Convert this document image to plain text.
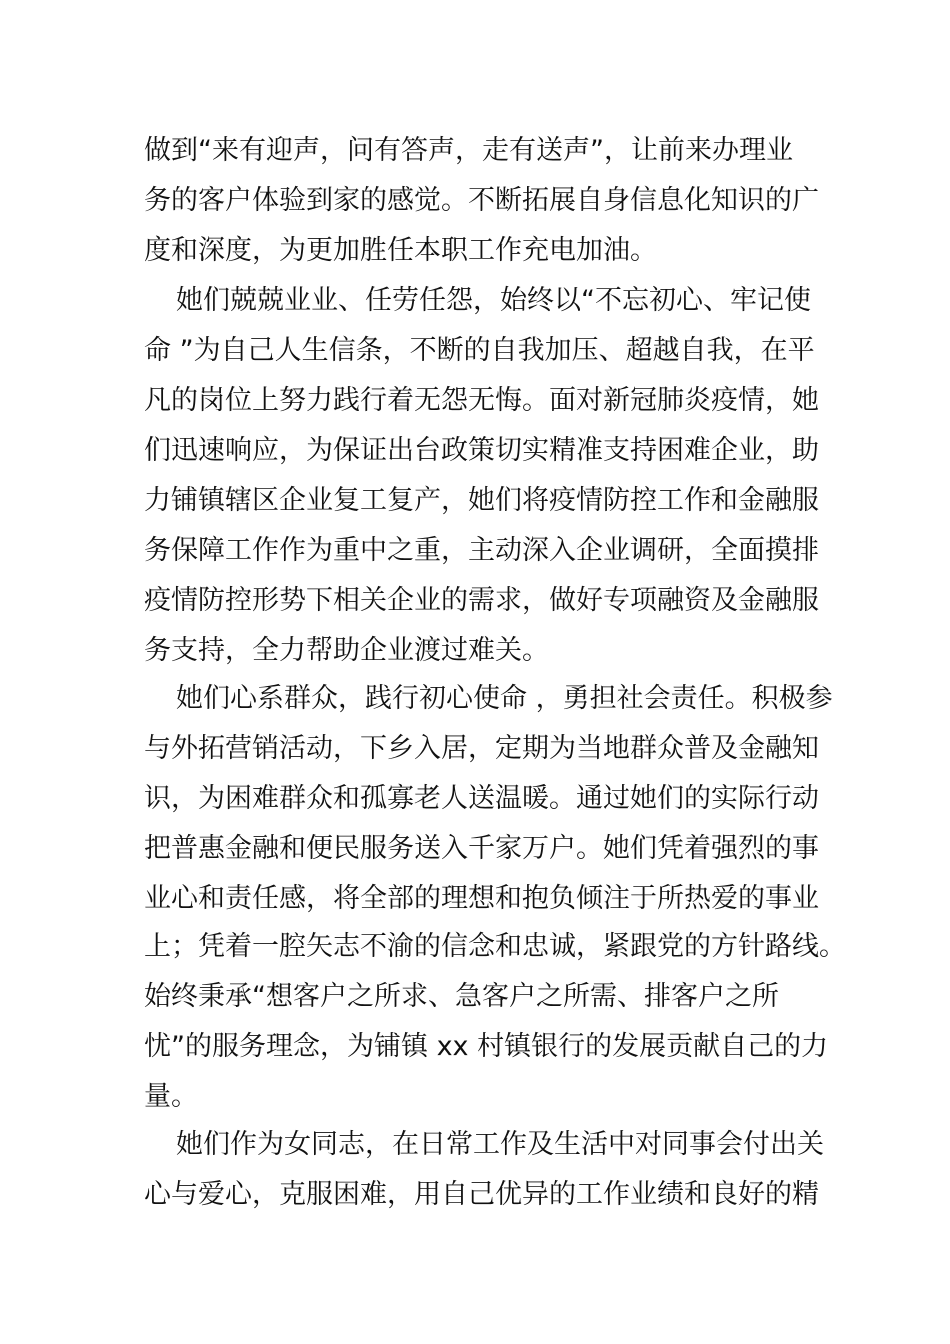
做到“来有迎声，问有答声，走有送声”，让前来办理业
务的客户体验到家的感觉。不断拓展自身信息化知识的广
度和深度，为更加胜任本职工作充电加油。
她们兢兢业业、任劳任怨，始终以“不忘初心、牢记使
命 ”为自己人生信条，不断的自我加压、超越自我，在平
凡的岗位上努力践行着无怨无悔。面对新冠肺炎疫情，她
们迅速响应，为保证出台政策切实精准支持困难企业，助
力铺镇辖区企业复工复产，她们将疫情防控工作和金融服
务保障工作作为重中之重，主动深入企业调研，全面摸排
疫情防控形势下相关企业的需求，做好专项融资及金融服
务支持，全力帮助企业渡过难关。
她们心系群众，践行初心使命 ，勇担社会责任。积极参
与外拓营销活动，下乡入居，定期为当地群众普及金融知
识，为困难群众和孤寡老人送温暖。通过她们的实际行动
把普惠金融和便民服务送入千家万户。她们凭着强烈的事
业心和责任感，将全部的理想和抱负倾注于所热爱的事业
上；凭着一腔矢志不渝的信念和忠诚，紧跟党的方针路线。
始终秉承“想客户之所求、急客户之所需、排客户之所
忧”的服务理念，为铺镇 xx 村镇银行的发展贡献自己的力
量。
她们作为女同志，在日常工作及生活中对同事会付出关
心与爱心，克服困难，用自己优异的工作业绩和良好的精
